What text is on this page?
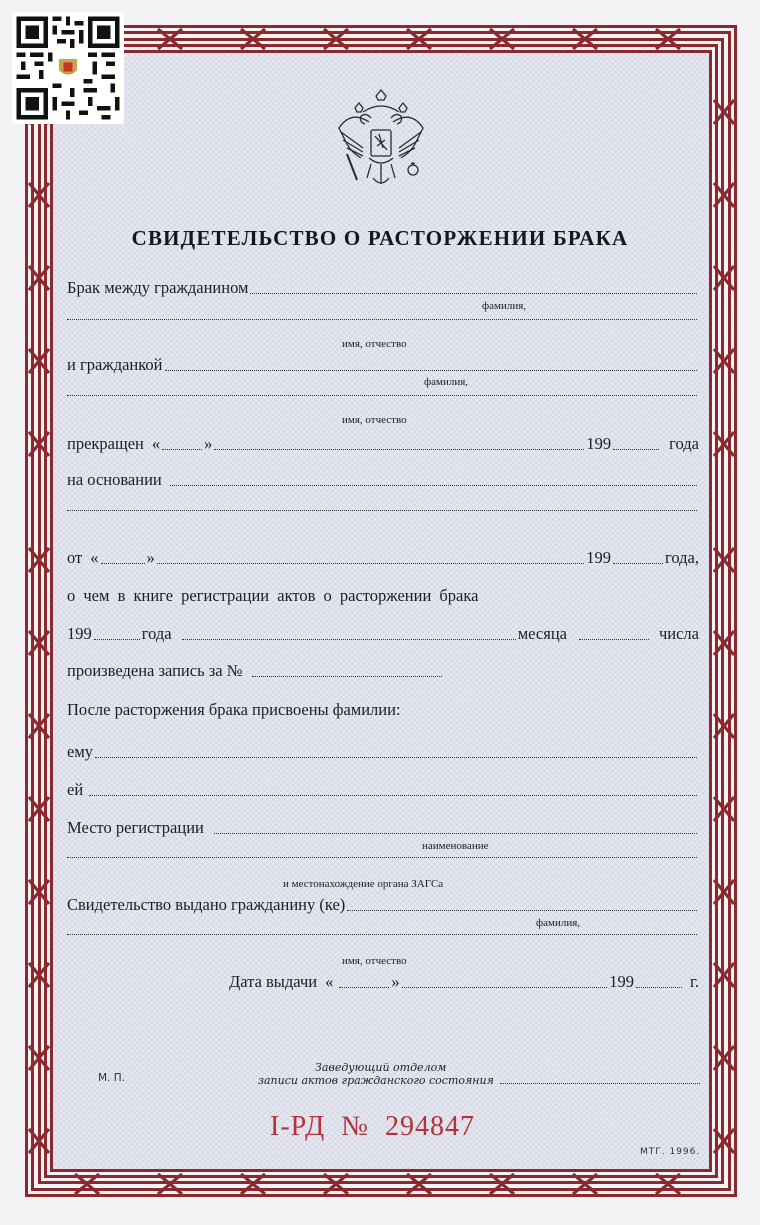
СВИДЕТЕЛЬСТВО О РАСТОРЖЕНИИ БРАКА
Брак между гражданином
фамилия,
имя, отчество
и гражданкой
фамилия,
имя, отчество
прекращен «	»	199	года
на основании
от «	»	199	года,
о чем в книге регистрации актов о расторжении брака
199	года	месяца	числа
произведена запись за №
После расторжения брака присвоены фамилии:
ему
ей
Место регистрации
наименование
и местонахождение органа ЗАГСа
Свидетельство выдано гражданину (ке)
фамилия,
имя, отчество
Дата выдачи «	»	199	г.
М. П.
Заведующий отделом
записи актов гражданского состояния
I-РД № 294847
МТГ. 1996.
